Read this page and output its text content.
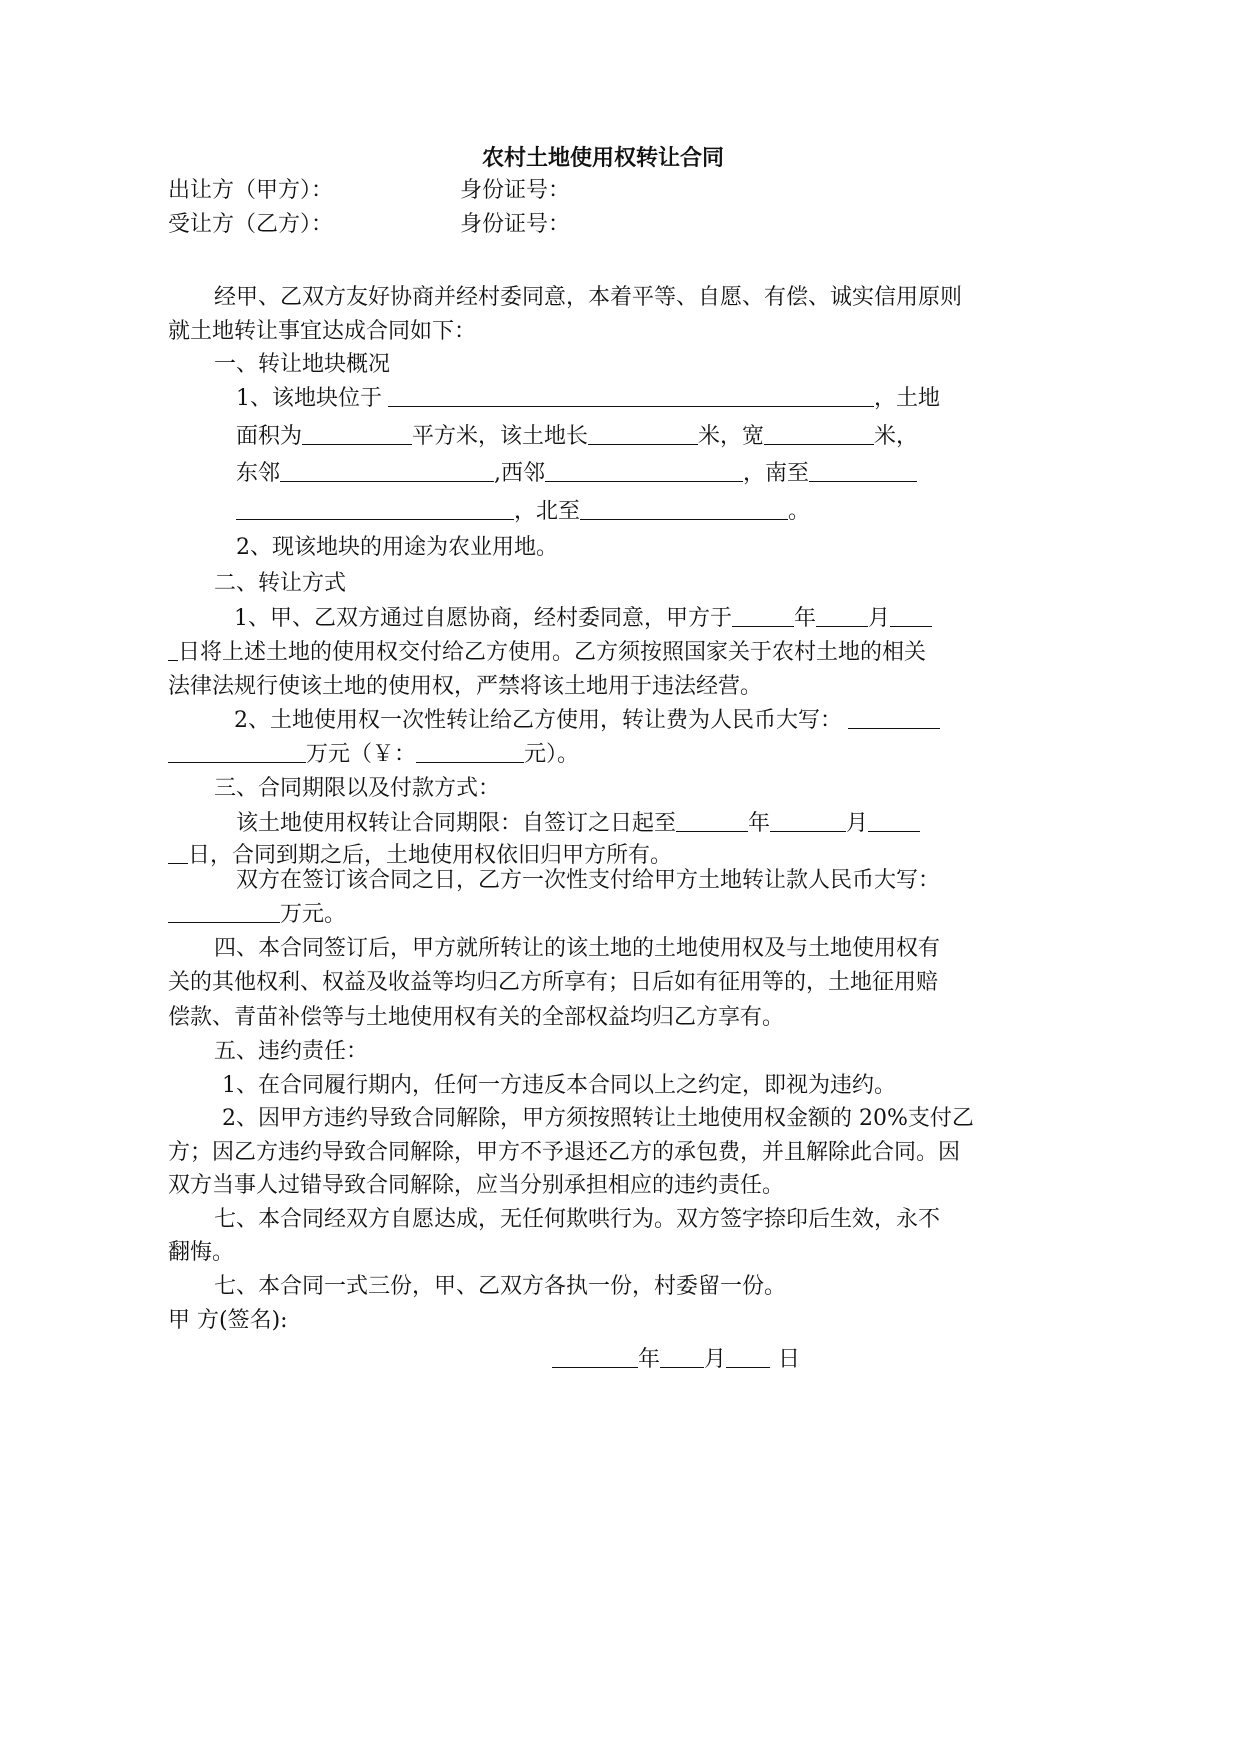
农村土地使用权转让合同
出让方（甲方）：	身份证号：
受让方（乙方）：	身份证号：
经甲、乙双方友好协商并经村委同意，本着平等、自愿、有偿、诚实信用原则
就土地转让事宜达成合同如下：
一、转让地块概况
1、该地块位于	，土地
面积为	平方米，该土地长	米，宽	米，
东邻	,西邻	，南至
，北至	。
2、现该地块的用途为农业用地。
二、转让方式
1、甲、乙双方通过自愿协商，经村委同意，甲方于	年 月
日将上述土地的使用权交付给乙方使用。乙方须按照国家关于农村土地的相关
法律法规行使该土地的使用权，严禁将该土地用于违法经营。
2、土地使用权一次性转让给乙方使用，转让费为人民币大写：
万元（￥：	元）。
三、合同期限以及付款方式：
该土地使用权转让合同期限：自签订之日起至	年	月
日，合同到期之后，土地使用权依旧归甲方所有。
双方在签订该合同之日，乙方一次性支付给甲方土地转让款人民币大写：
万元。
四、本合同签订后，甲方就所转让的该土地的土地使用权及与土地使用权有
关的其他权利、权益及收益等均归乙方所享有；日后如有征用等的，土地征用赔
偿款、青苗补偿等与土地使用权有关的全部权益均归乙方享有。
五、违约责任：
1、在合同履行期内，任何一方违反本合同以上之约定，即视为违约。
2、因甲方违约导致合同解除，甲方须按照转让土地使用权金额的 20%支付乙
方；因乙方违约导致合同解除，甲方不予退还乙方的承包费，并且解除此合同。因
双方当事人过错导致合同解除，应当分别承担相应的违约责任。
七、本合同经双方自愿达成，无任何欺哄行为。双方签字捺印后生效，永不
翻悔。
七、本合同一式三份，甲、乙双方各执一份，村委留一份。
甲 方(签名):
年 月 日
